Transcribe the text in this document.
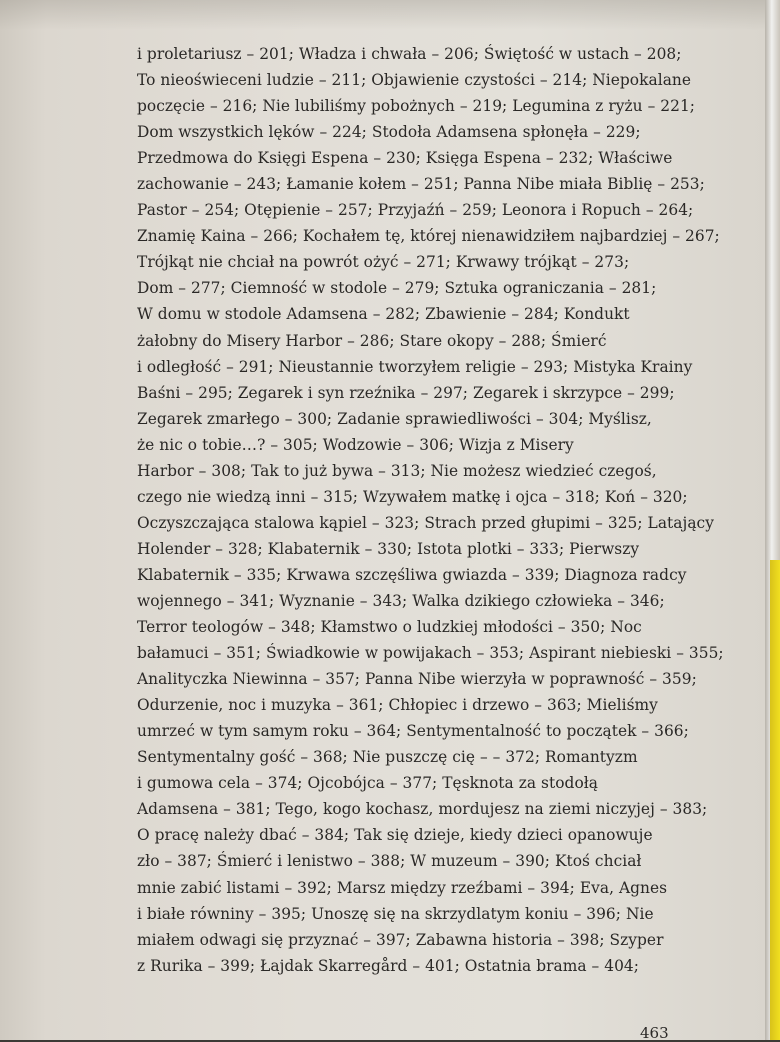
i proletariusz – 201; Władza i chwała – 206; Świętość w ustach – 208;
To nieoświeceni ludzie – 211; Objawienie czystości – 214; Niepokalane
poczęcie – 216; Nie lubiliśmy pobożnych – 219; Legumina z ryżu – 221;
Dom wszystkich lęków – 224; Stodoła Adamsena spłonęła – 229;
Przedmowa do Księgi Espena – 230; Księga Espena – 232; Właściwe
zachowanie – 243; Łamanie kołem – 251; Panna Nibe miała Biblię – 253;
Pastor – 254; Otępienie – 257; Przyjaźń – 259; Leonora i Ropuch – 264;
Znamię Kaina – 266; Kochałem tę, której nienawidziłem najbardziej – 267;
Trójkąt nie chciał na powrót ożyć – 271; Krwawy trójkąt – 273;
Dom – 277; Ciemność w stodole – 279; Sztuka ograniczania – 281;
W domu w stodole Adamsena – 282; Zbawienie – 284; Kondukt
żałobny do Misery Harbor – 286; Stare okopy – 288; Śmierć
i odległość – 291; Nieustannie tworzyłem religie – 293; Mistyka Krainy
Baśni – 295; Zegarek i syn rzeźnika – 297; Zegarek i skrzypce – 299;
Zegarek zmarłego – 300; Zadanie sprawiedliwości – 304; Myślisz,
że nic o tobie…? – 305; Wodzowie – 306; Wizja z Misery
Harbor – 308; Tak to już bywa – 313; Nie możesz wiedzieć czegoś,
czego nie wiedzą inni – 315; Wzywałem matkę i ojca – 318; Koń – 320;
Oczyszczająca stalowa kąpiel – 323; Strach przed głupimi – 325; Latający
Holender – 328; Klabaternik – 330; Istota plotki – 333; Pierwszy
Klabaternik – 335; Krwawa szczęśliwa gwiazda – 339; Diagnoza radcy
wojennego – 341; Wyznanie – 343; Walka dzikiego człowieka – 346;
Terror teologów – 348; Kłamstwo o ludzkiej młodości – 350; Noc
bałamuci – 351; Świadkowie w powijakach – 353; Aspirant niebieski – 355;
Analityczka Niewinna – 357; Panna Nibe wierzyła w poprawność – 359;
Odurzenie, noc i muzyka – 361; Chłopiec i drzewo – 363; Mieliśmy
umrzeć w tym samym roku – 364; Sentymentalność to początek – 366;
Sentymentalny gość – 368; Nie puszczę cię – – 372; Romantyzm
i gumowa cela – 374; Ojcobójca – 377; Tęsknota za stodołą
Adamsena – 381; Tego, kogo kochasz, mordujesz na ziemi niczyjej – 383;
O pracę należy dbać – 384; Tak się dzieje, kiedy dzieci opanowuje
zło – 387; Śmierć i lenistwo – 388; W muzeum – 390; Ktoś chciał
mnie zabić listami – 392; Marsz między rzeźbami – 394; Eva, Agnes
i białe równiny – 395; Unoszę się na skrzydlatym koniu – 396; Nie
miałem odwagi się przyznać – 397; Zabawna historia – 398; Szyper
z Rurika – 399; Łajdak Skarregård – 401; Ostatnia brama – 404;
463
